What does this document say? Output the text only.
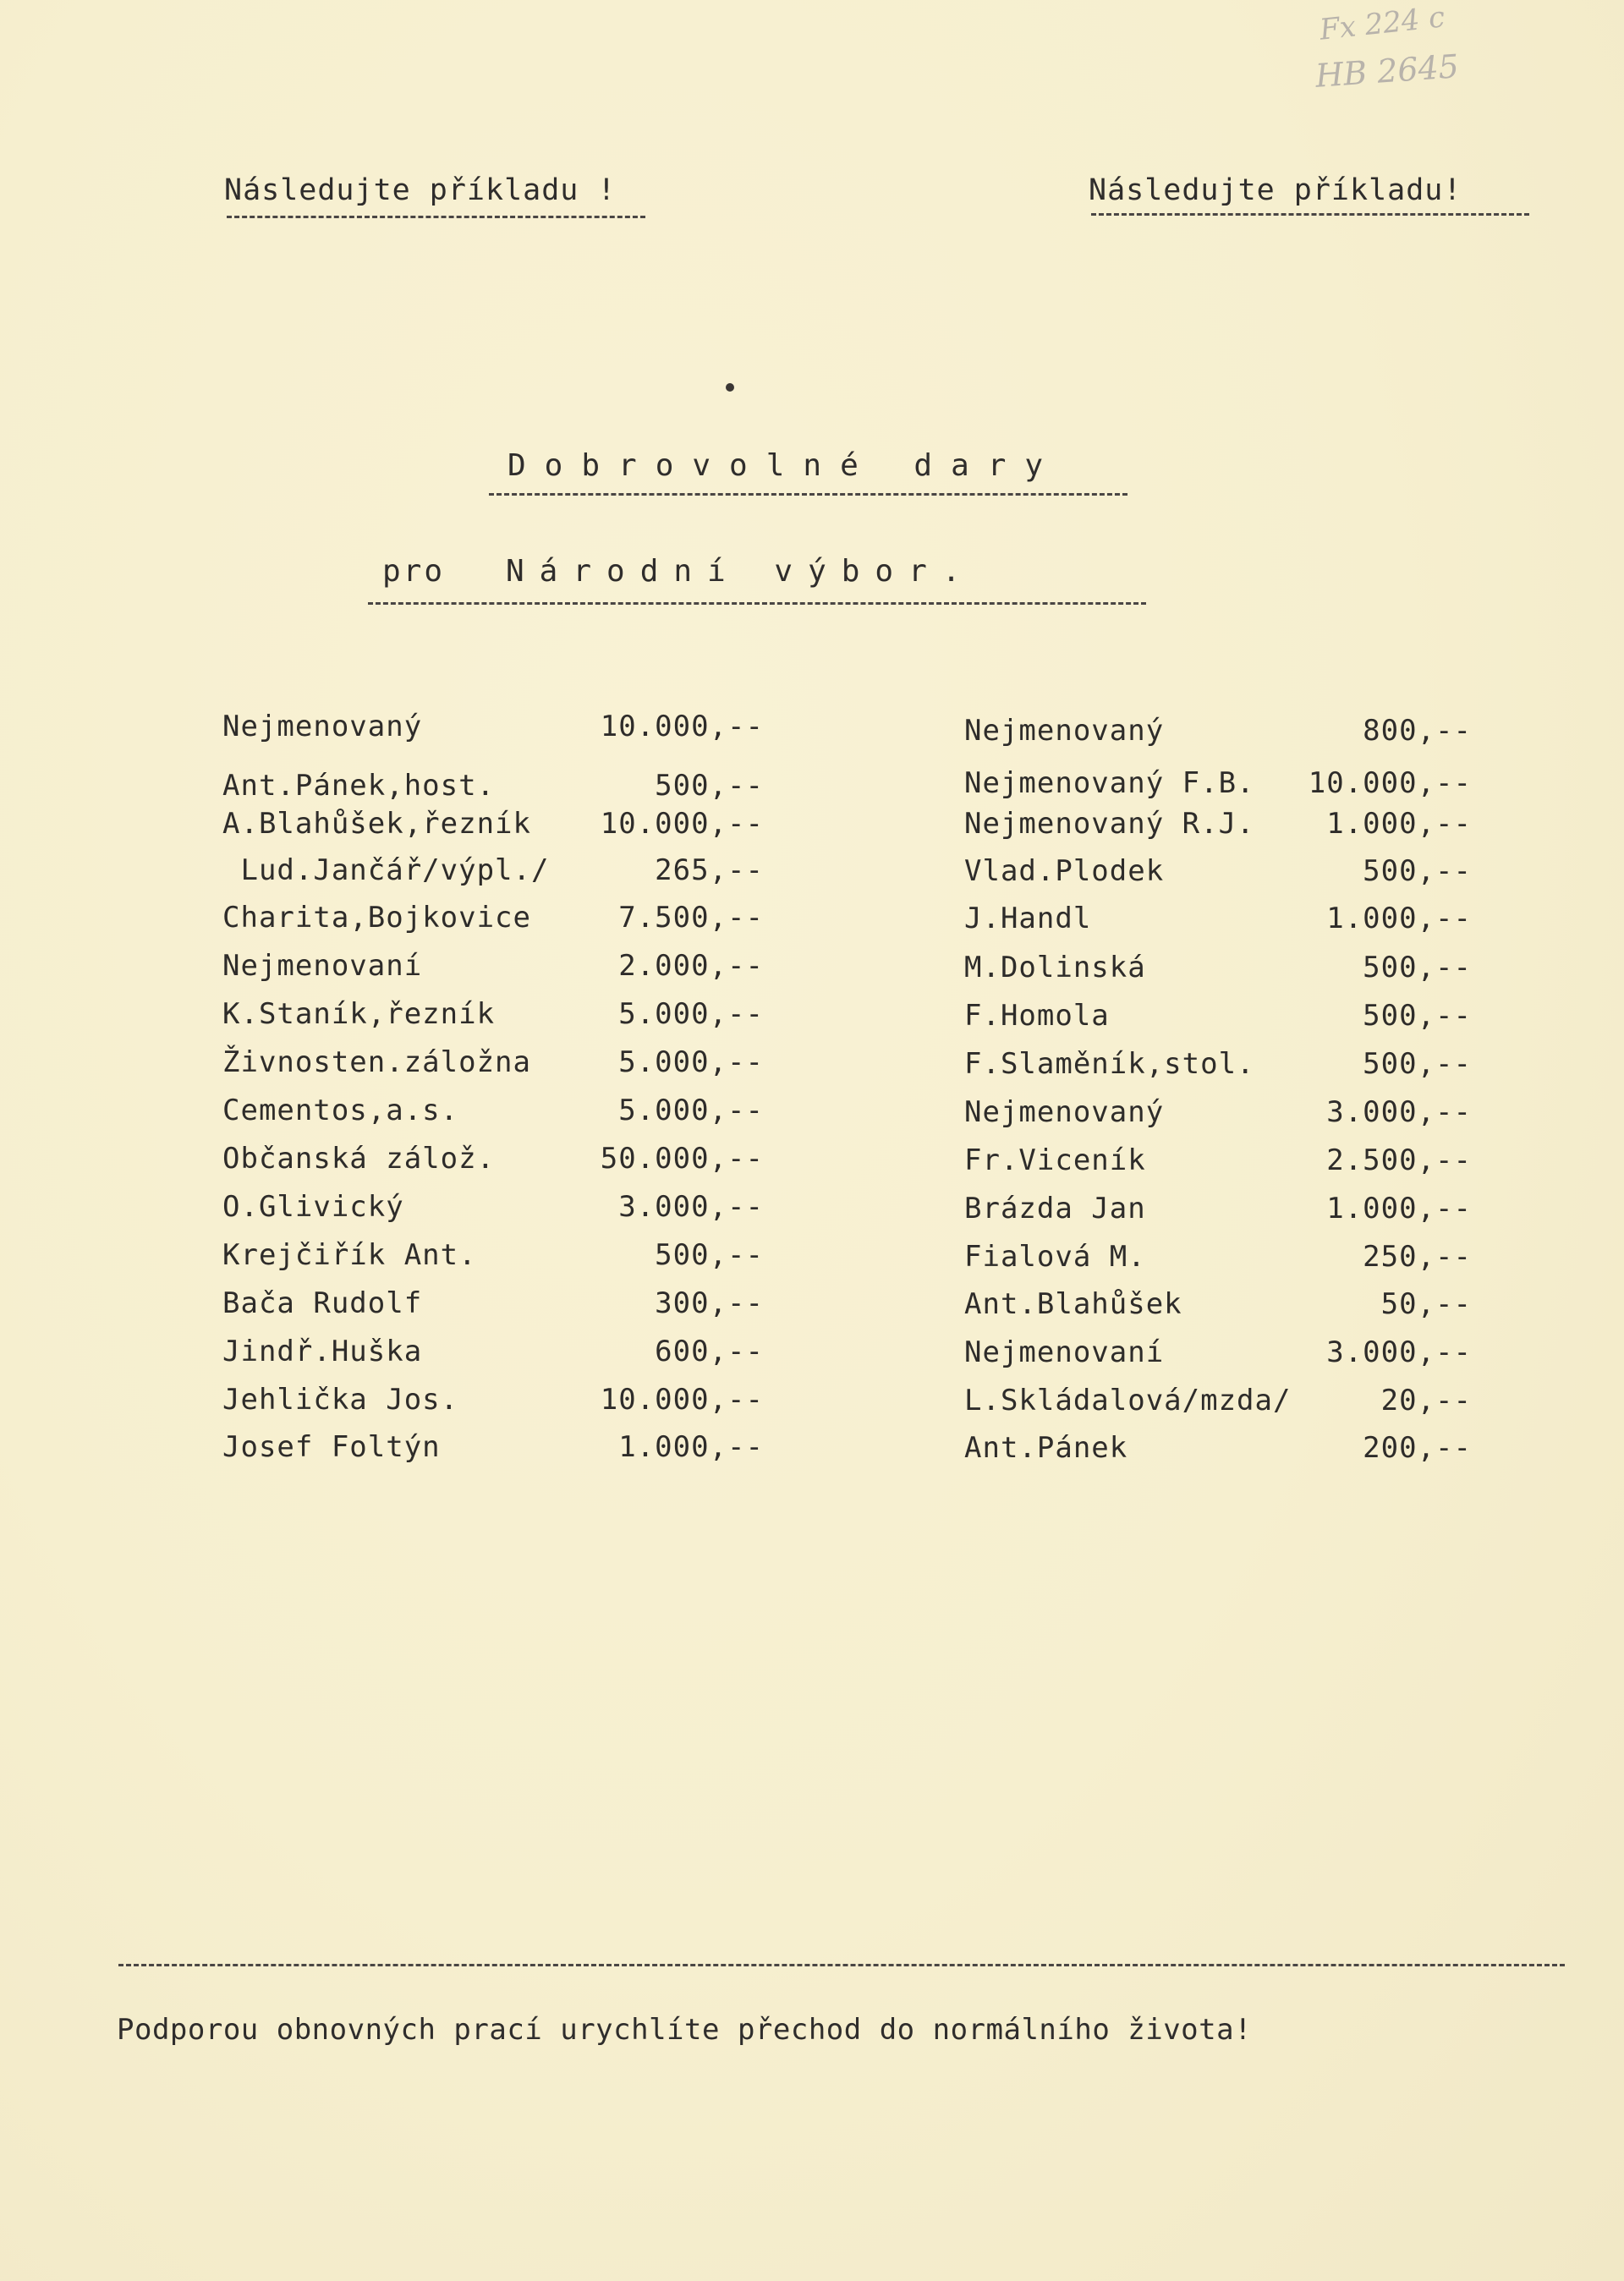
Fx 224 c
HB 2645
Následujte příkladu !	Následujte příkladu!
Dobrovolné dary
pro Národní výbor.
Nejmenovaný	10.000,--
Ant.Pánek,host.	500,--
A.Blahůšek,řezník 10.000,--
Lud.Jančář/výpl./	265,--
Charita,Bojkovice	7.500,--
Nejmenovaní	2.000,--
K.Staník,řezník	5.000,--
Živnosten.záložna	5.000,--
Cementos,a.s.	5.000,--
Občanská zálož.	50.000,--
O.Glivický	3.000,--
Krejčiřík Ant.	500,--
Bača Rudolf	300,--
Jindř.Huška	600,--
Jehlička Jos.	10.000,--
Josef Foltýn	1.000,--
Nejmenovaný	800,--
Nejmenovaný F.B. 10.000,--
Nejmenovaný R.J. 1.000,--
Vlad.Plodek	500,--
J.Handl	1.000,--
M.Dolinská	500,--
F.Homola	500,--
F.Slaměník,stol.	500,--
Nejmenovaný	3.000,--
Fr.Viceník	2.500,--
Brázda Jan	1.000,--
Fialová M.	250,--
Ant.Blahůšek	50,--
Nejmenovaní	3.000,--
L.Skládalová/mzda/	20,--
Ant.Pánek	200,--
Podporou obnovných prací urychlíte přechod do normálního života!
